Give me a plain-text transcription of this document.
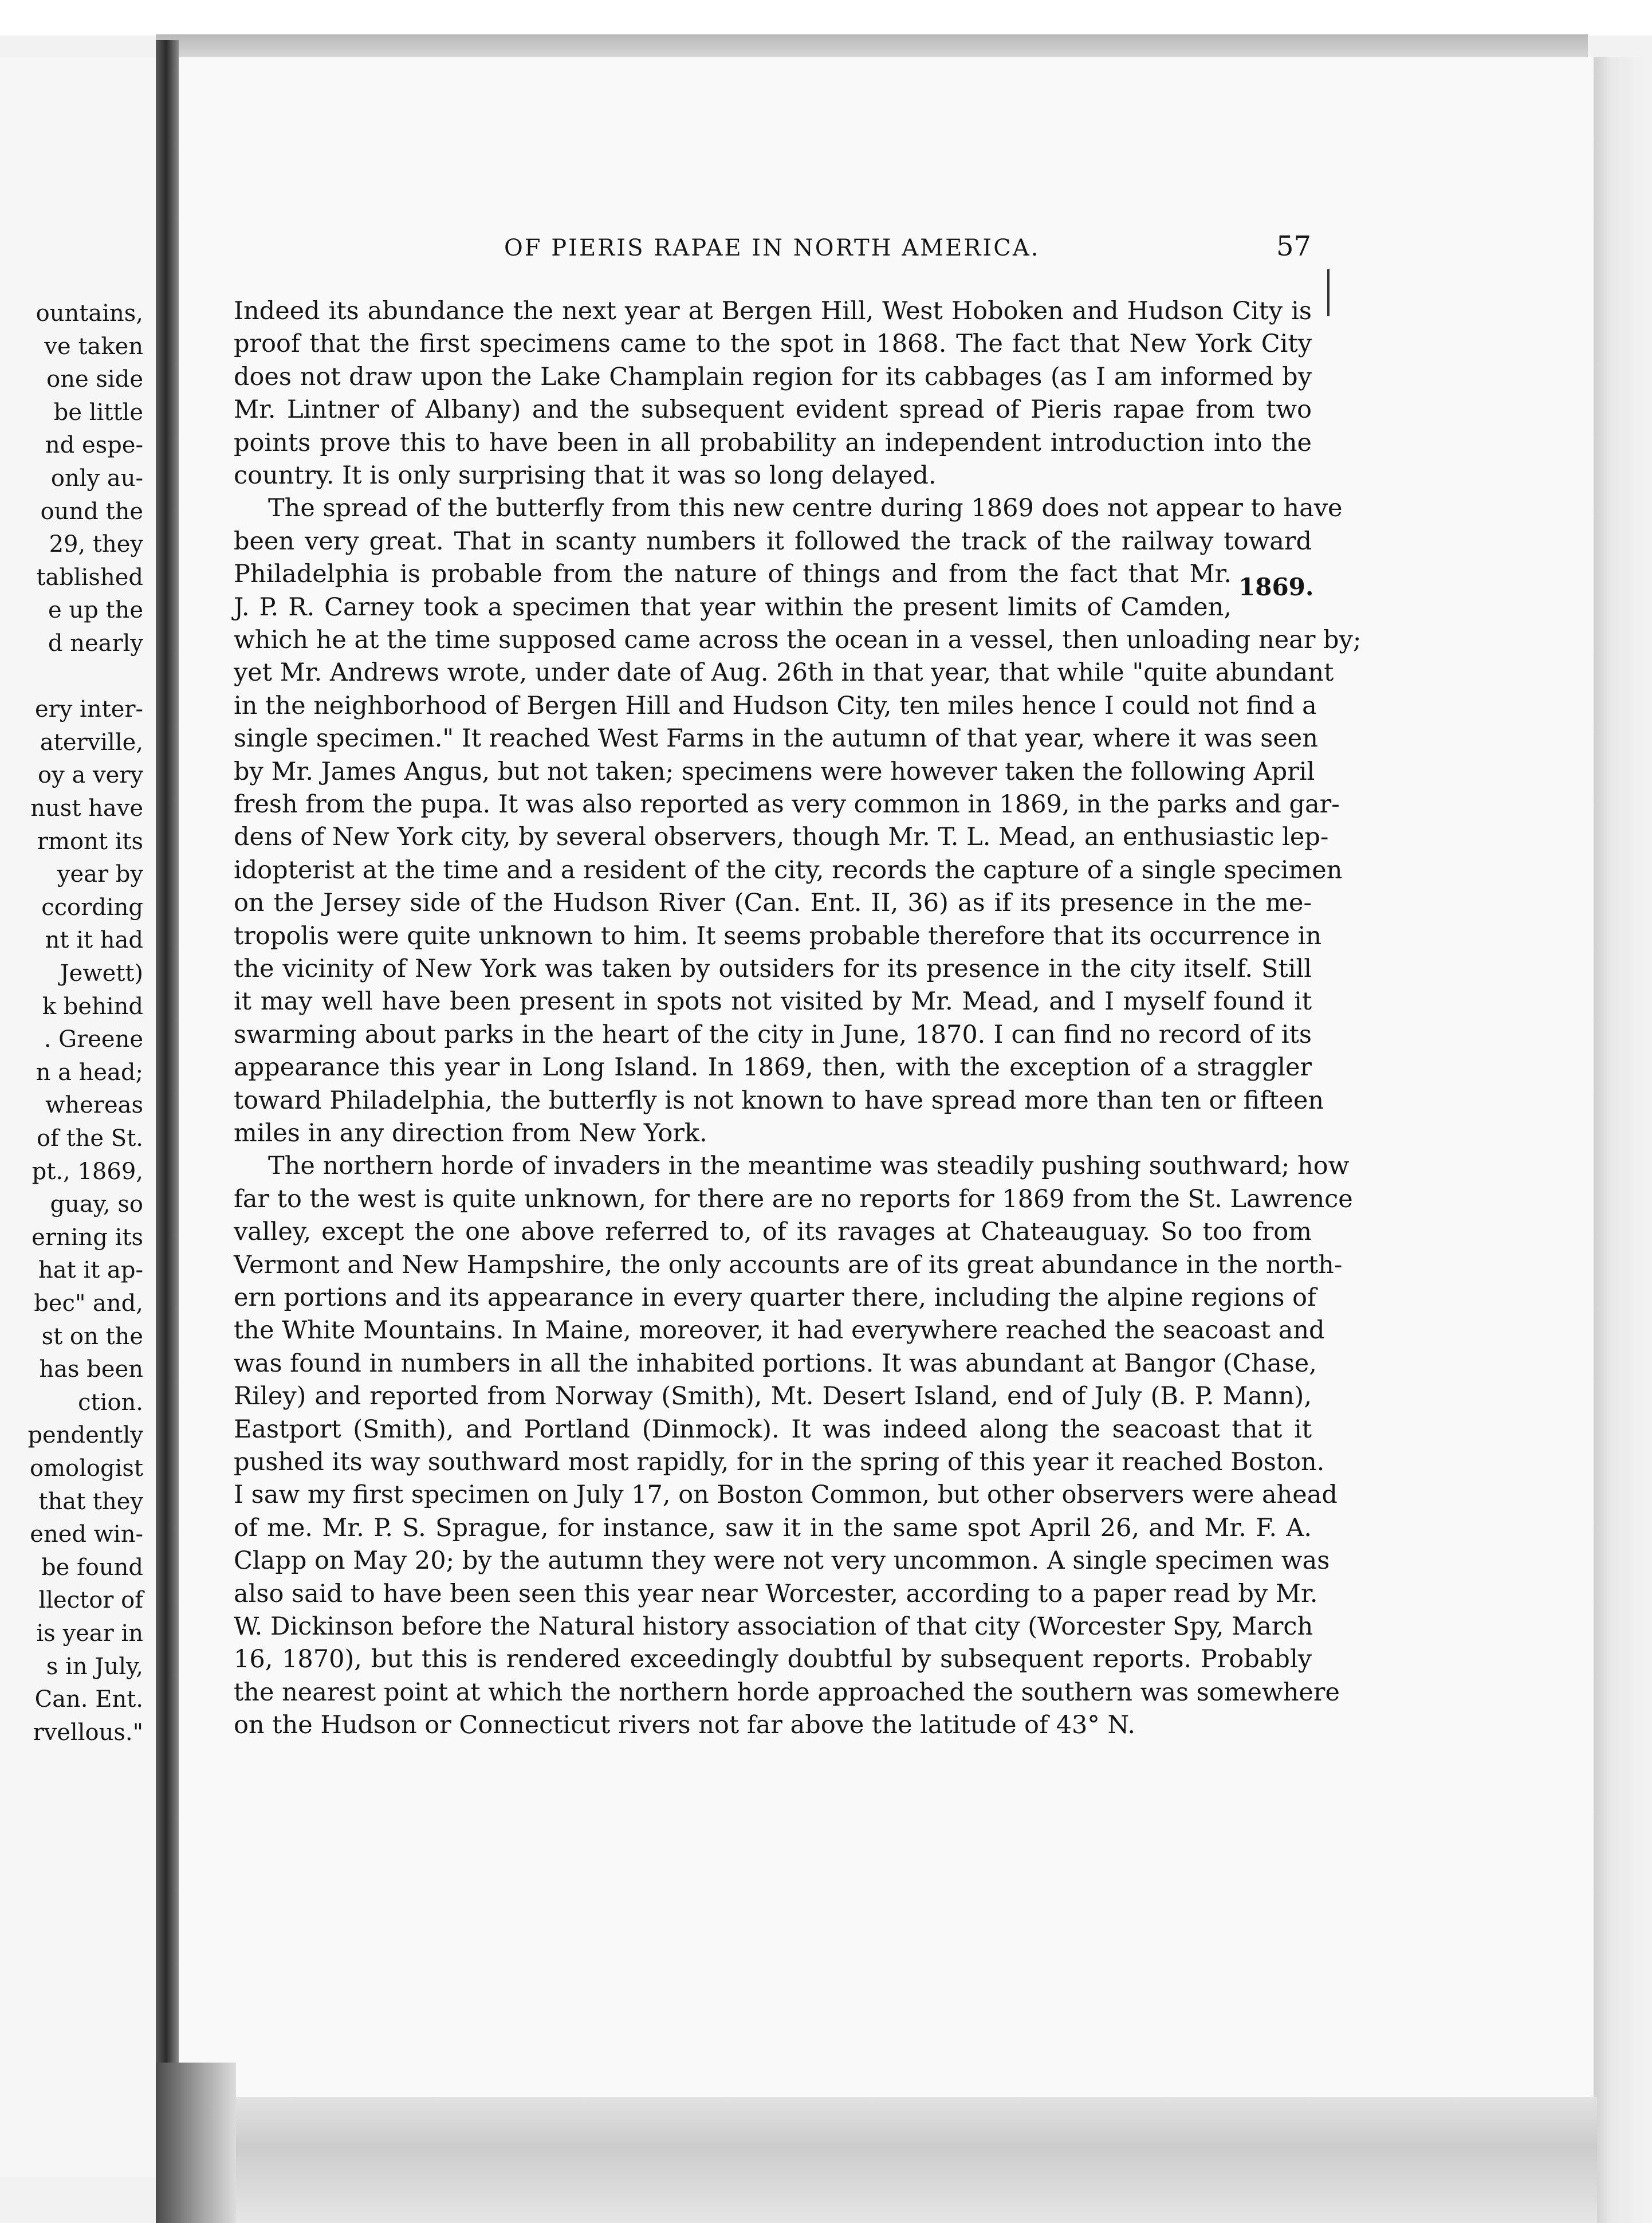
ountains,
ve taken
one side
be little
nd espe-
only au-
ound the
29, they
tablished
e up the
d nearly
ery inter-
aterville,
oy a very
nust have
rmont its
year by
ccording
nt it had
Jewett)
k behind
. Greene
n a head;
whereas
of the St.
pt., 1869,
guay, so
erning its
hat it ap-
bec" and,
st on the
has been
ction.
pendently
omologist
that they
ened win-
be found
llector of
is year in
s in July,
Can. Ent.
rvellous."
OF PIERIS RAPAE IN NORTH AMERICA.	57
1869.
Indeed its abundance the next year at Bergen Hill, West Hoboken and Hudson City is
proof that the first specimens came to the spot in 1868. The fact that New York City
does not draw upon the Lake Champlain region for its cabbages (as I am informed by
Mr. Lintner of Albany) and the subsequent evident spread of Pieris rapae from two
points prove this to have been in all probability an independent introduction into the
country. It is only surprising that it was so long delayed.
The spread of the butterfly from this new centre during 1869 does not appear to have
been very great. That in scanty numbers it followed the track of the railway toward
Philadelphia is probable from the nature of things and from the fact that Mr.
J. P. R. Carney took a specimen that year within the present limits of Camden,
which he at the time supposed came across the ocean in a vessel, then unloading near by;
yet Mr. Andrews wrote, under date of Aug. 26th in that year, that while "quite abundant
in the neighborhood of Bergen Hill and Hudson City, ten miles hence I could not find a
single specimen." It reached West Farms in the autumn of that year, where it was seen
by Mr. James Angus, but not taken; specimens were however taken the following April
fresh from the pupa. It was also reported as very common in 1869, in the parks and gar-
dens of New York city, by several observers, though Mr. T. L. Mead, an enthusiastic lep-
idopterist at the time and a resident of the city, records the capture of a single specimen
on the Jersey side of the Hudson River (Can. Ent. II, 36) as if its presence in the me-
tropolis were quite unknown to him. It seems probable therefore that its occurrence in
the vicinity of New York was taken by outsiders for its presence in the city itself. Still
it may well have been present in spots not visited by Mr. Mead, and I myself found it
swarming about parks in the heart of the city in June, 1870. I can find no record of its
appearance this year in Long Island. In 1869, then, with the exception of a straggler
toward Philadelphia, the butterfly is not known to have spread more than ten or fifteen
miles in any direction from New York.
The northern horde of invaders in the meantime was steadily pushing southward; how
far to the west is quite unknown, for there are no reports for 1869 from the St. Lawrence
valley, except the one above referred to, of its ravages at Chateauguay. So too from
Vermont and New Hampshire, the only accounts are of its great abundance in the north-
ern portions and its appearance in every quarter there, including the alpine regions of
the White Mountains. In Maine, moreover, it had everywhere reached the seacoast and
was found in numbers in all the inhabited portions. It was abundant at Bangor (Chase,
Riley) and reported from Norway (Smith), Mt. Desert Island, end of July (B. P. Mann),
Eastport (Smith), and Portland (Dinmock). It was indeed along the seacoast that it
pushed its way southward most rapidly, for in the spring of this year it reached Boston.
I saw my first specimen on July 17, on Boston Common, but other observers were ahead
of me. Mr. P. S. Sprague, for instance, saw it in the same spot April 26, and Mr. F. A.
Clapp on May 20; by the autumn they were not very uncommon. A single specimen was
also said to have been seen this year near Worcester, according to a paper read by Mr.
W. Dickinson before the Natural history association of that city (Worcester Spy, March
16, 1870), but this is rendered exceedingly doubtful by subsequent reports. Probably
the nearest point at which the northern horde approached the southern was somewhere
on the Hudson or Connecticut rivers not far above the latitude of 43° N.
